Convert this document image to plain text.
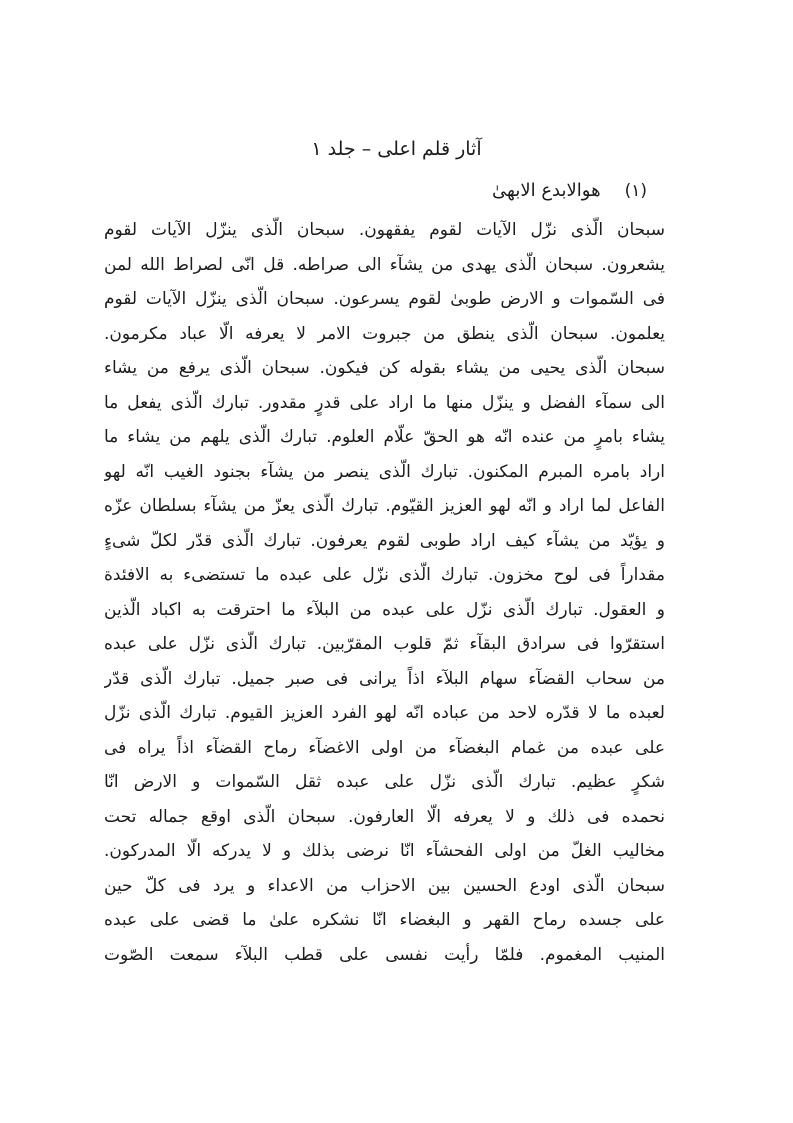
آثار قلم اعلى – جلد ١
(١)
هوالابدع الابهىٰ
سبحان الّذى نزّل الآيات لقوم يفقهون. سبحان الّذى ينزّل الآيات لقوم
يشعرون. سبحان الّذى يهدى من يشآء الى صراطه. قل انّى لصراط الله لمن
فى السّموات و الارض طوبىٰ لقوم يسرعون. سبحان الّذى ينزّل الآيات لقوم
يعلمون. سبحان الّذى ينطق من جبروت الامر لا يعرفه الّا عباد مكرمون.
سبحان الّذى يحيى من يشاء بقوله كن فيكون. سبحان الّذى يرفع من يشاء
الى سمآء الفضل و ينزّل منها ما اراد على قدرٍ مقدور. تبارك الّذى يفعل ما
يشاء بامرٍ من عنده انّه هو الحقّ علّام العلوم. تبارك الّذى يلهم من يشاء ما
اراد بامره المبرم المكنون. تبارك الّذى ينصر من يشآء بجنود الغيب انّه لهو
الفاعل لما اراد و انّه لهو العزيز القيّوم. تبارك الّذى يعزّ من يشآء بسلطان عزّه
و يؤيّد من يشآء كيف اراد طوبى لقوم يعرفون. تبارك الّذى قدّر لكلّ شىءٍ
مقداراً فى لوح مخزون. تبارك الّذى نزّل على عبده ما تستضىء به الافئدة
و العقول. تبارك الّذى نزّل على عبده من البلآء ما احترقت به اكباد الّذين
استقرّوا فى سرادق البقآء ثمّ قلوب المقرّبين. تبارك الّذى نزّل على عبده
من سحاب القضآء سهام البلآء اذاً يرانى فى صبر جميل. تبارك الّذى قدّر
لعبده ما لا قدّره لاحد من عباده انّه لهو الفرد العزيز القيوم. تبارك الّذى نزّل
على عبده من غمام البغضآء من اولى الاغضآء رماح القضآء اذاً يراه فى
شكرٍ عظيم. تبارك الّذى نزّل على عبده ثقل السّموات و الارض انّا
نحمده فى ذلك و لا يعرفه الّا العارفون. سبحان الّذى اوقع جماله تحت
مخاليب الغلّ من اولى الفحشآء انّا نرضى بذلك و لا يدركه الّا المدركون.
سبحان الّذى اودع الحسين بين الاحزاب من الاعداء و يرد فى كلّ حين
على جسده رماح القهر و البغضاء انّا نشكره علىٰ ما قضى على عبده
المنيب المغموم. فلمّا رأيت نفسى على قطب البلآء سمعت الصّوت
